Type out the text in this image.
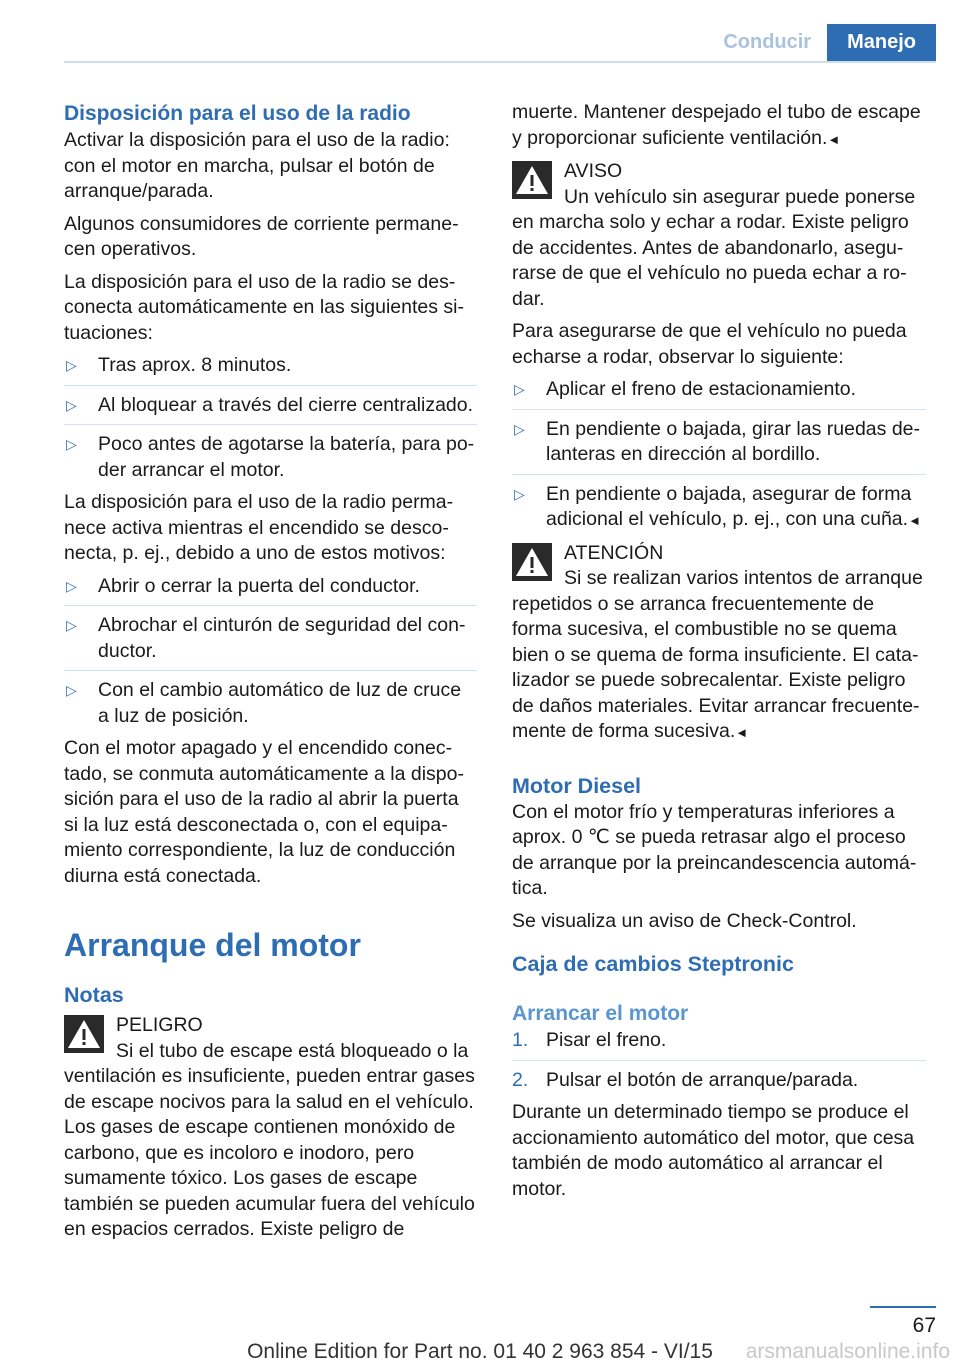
Conducir	Manejo
Disposición para el uso de la radio

Activar la disposición para el uso de la radio: con el motor en marcha, pulsar el botón de arranque/parada.

Algunos consumidores de corriente permanecen operativos.

La disposición para el uso de la radio se desconecta automáticamente en las siguientes situaciones:

▷ Tras aprox. 8 minutos.
▷ Al bloquear a través del cierre centralizado.
▷ Poco antes de agotarse la batería, para poder arrancar el motor.

La disposición para el uso de la radio permanece activa mientras el encendido se desconecta, p. ej., debido a uno de estos motivos:

▷ Abrir o cerrar la puerta del conductor.
▷ Abrochar el cinturón de seguridad del conductor.
▷ Con el cambio automático de luz de cruce a luz de posición.

Con el motor apagado y el encendido conectado, se conmuta automáticamente a la disposición para el uso de la radio al abrir la puerta si la luz está desconectada o, con el equipamiento correspondiente, la luz de conducción diurna está conectada.

Arranque del motor
Notas
PELIGRO
Si el tubo de escape está bloqueado o la ventilación es insuficiente, pueden entrar gases de escape nocivos para la salud en el vehículo. Los gases de escape contienen monóxido de carbono, que es incoloro e inodoro, pero sumamente tóxico. Los gases de escape también se pueden acumular fuera del vehículo en espacios cerrados. Existe peligro de

muerte. Mantener despejado el tubo de escape y proporcionar suficiente ventilación.◄

AVISO
Un vehículo sin asegurar puede ponerse en marcha solo y echar a rodar. Existe peligro de accidentes. Antes de abandonarlo, asegurarse de que el vehículo no pueda echar a rodar.

Para asegurarse de que el vehículo no pueda echarse a rodar, observar lo siguiente:

▷ Aplicar el freno de estacionamiento.
▷ En pendiente o bajada, girar las ruedas delanteras en dirección al bordillo.
▷ En pendiente o bajada, asegurar de forma adicional el vehículo, p. ej., con una cuña.◄
ATENCIÓN
Si se realizan varios intentos de arranque repetidos o se arranca frecuentemente de forma sucesiva, el combustible no se quema bien o se quema de forma insuficiente. El catalizador se puede sobrecalentar. Existe peligro de daños materiales. Evitar arrancar frecuentemente de forma sucesiva.◄
Motor Diesel

Con el motor frío y temperaturas inferiores a aprox. 0 ℃ se pueda retrasar algo el proceso de arranque por la preincandescencia automática.

Se visualiza un aviso de Check-Control.

Caja de cambios Steptronic
Arrancar el motor
1. Pisar el freno.
2. Pulsar el botón de arranque/parada.

Durante un determinado tiempo se produce el accionamiento automático del motor, que cesa también de modo automático al arrancar el motor.

67
Online Edition for Part no. 01 40 2 963 854 - VI/15	arsmanualsonline.info
